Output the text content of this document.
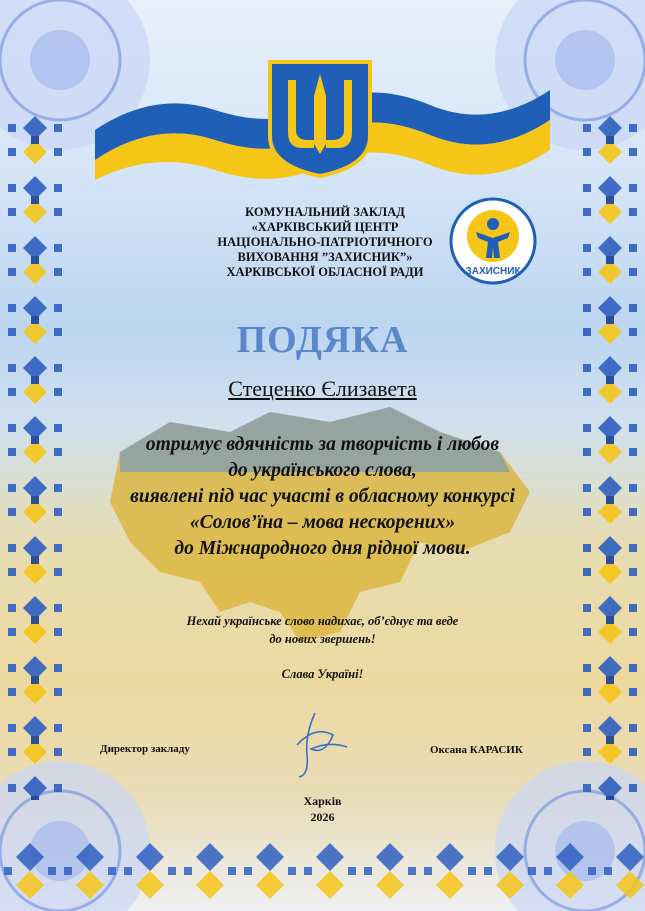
КОМУНАЛЬНИЙ ЗАКЛАД
«ХАРКІВСЬКИЙ ЦЕНТР
НАЦІОНАЛЬНО-ПАТРІОТИЧНОГО
ВИХОВАННЯ ”ЗАХИСНИК”»
ХАРКІВСЬКОЇ ОБЛАСНОЇ РАДИ	ЗАХИСНИК
ПОДЯКА
Стеценко Єлизавета
отримує вдячність за творчість і любов
до українського слова,
виявлені під час участі в обласному конкурсі
«Солов’їна – мова нескорених»
до Міжнародного дня рідної мови.
Нехай українське слово надихає, об’єднує та веде
до нових звершень!
Слава Україні!
Директор закладу	Оксана КАРАСИК
Харків
2026
